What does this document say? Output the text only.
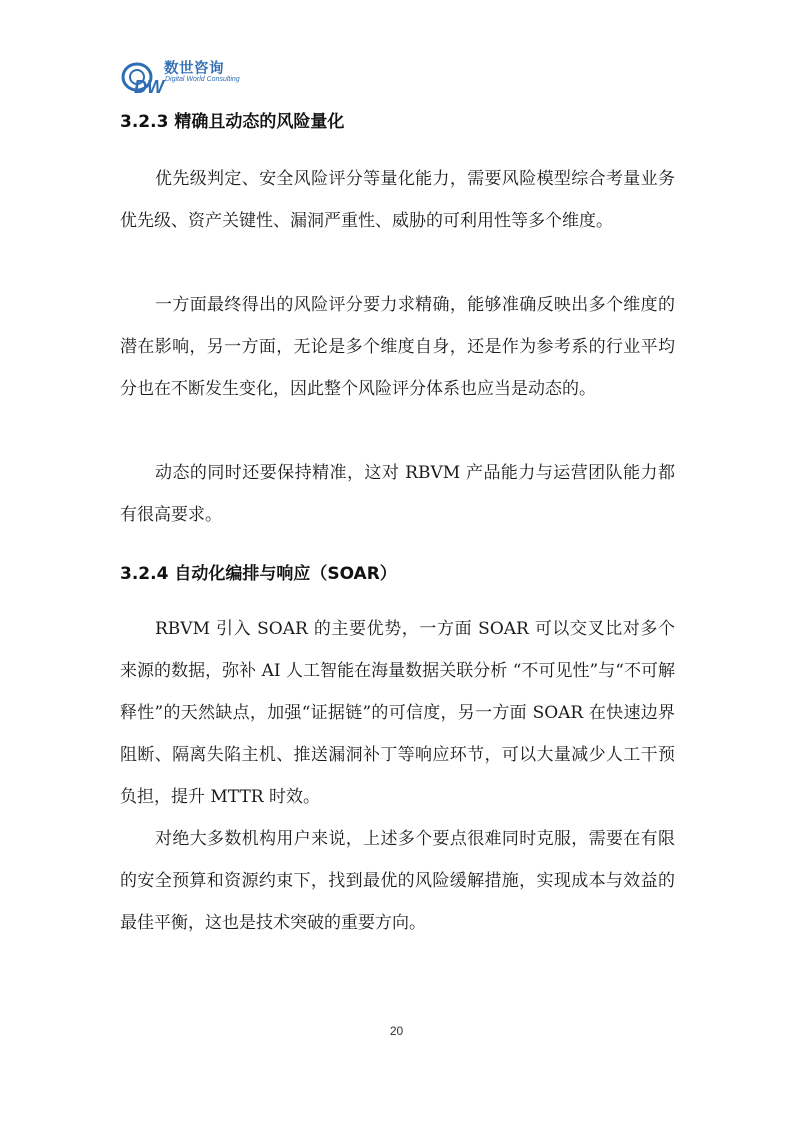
DW
数世咨询
Digital World Consulting
3.2.3 精确且动态的风险量化

优先级判定、安全风险评分等量化能力，需要风险模型综合考量业务优先级、资产关键性、漏洞严重性、威胁的可利用性等多个维度。

一方面最终得出的风险评分要力求精确，能够准确反映出多个维度的潜在影响，另一方面，无论是多个维度自身，还是作为参考系的行业平均分也在不断发生变化，因此整个风险评分体系也应当是动态的。

动态的同时还要保持精准，这对 RBVM 产品能力与运营团队能力都有很高要求。

3.2.4 自动化编排与响应（SOAR）

RBVM 引入 SOAR 的主要优势，一方面 SOAR 可以交叉比对多个来源的数据，弥补 AI 人工智能在海量数据关联分析 “不可见性”与“不可解释性”的天然缺点，加强“证据链”的可信度，另一方面 SOAR 在快速边界阻断、隔离失陷主机、推送漏洞补丁等响应环节，可以大量减少人工干预负担，提升 MTTR 时效。

对绝大多数机构用户来说，上述多个要点很难同时克服，需要在有限的安全预算和资源约束下，找到最优的风险缓解措施，实现成本与效益的最佳平衡，这也是技术突破的重要方向。

20
